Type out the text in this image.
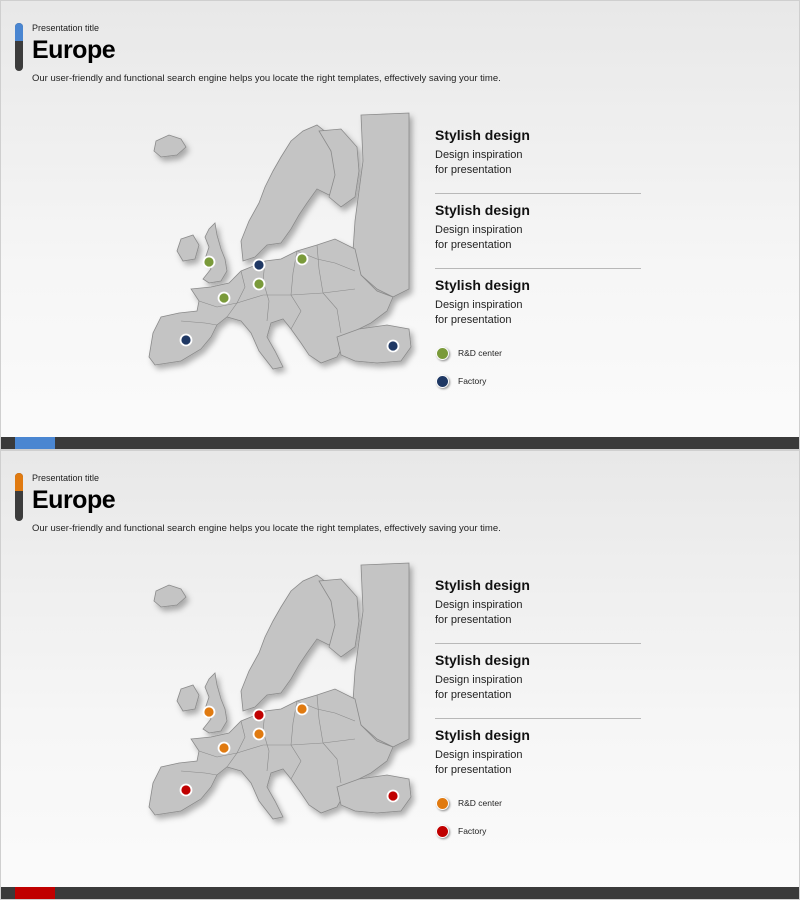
Presentation title
Europe
Our user-friendly and functional search engine helps you locate the right templates, effectively saving your time.
Stylish design

Design inspiration
for presentation

Stylish design

Design inspiration
for presentation

Stylish design

Design inspiration
for presentation

R&D center
Factory
Presentation title
Europe
Our user-friendly and functional search engine helps you locate the right templates, effectively saving your time.
Stylish design

Design inspiration
for presentation

Stylish design

Design inspiration
for presentation

Stylish design

Design inspiration
for presentation

R&D center
Factory
